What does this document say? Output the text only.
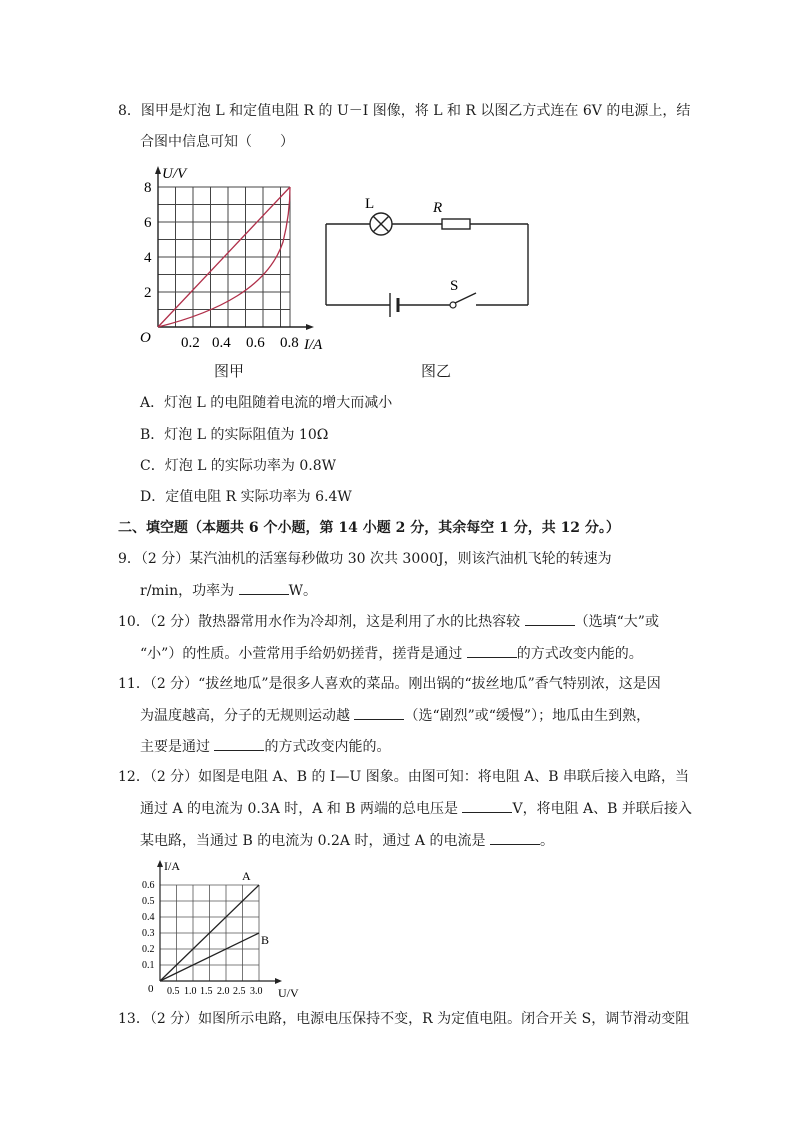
8．图甲是灯泡 L 和定值电阻 R 的 U－I 图像，将 L 和 R 以图乙方式连在 6V 的电源上，结
合图中信息可知（　　）
U/V
I/A
O
8
6
4
2
0.2 0.4 0.6 0.8
图甲
L	R
S
图乙
A．灯泡 L 的电阻随着电流的增大而减小
B．灯泡 L 的实际阻值为 10Ω
C．灯泡 L 的实际功率为 0.8W
D．定值电阻 R 实际功率为 6.4W
二、填空题（本题共 6 个小题，第 14 小题 2 分，其余每空 1 分，共 12 分。）
9．（2 分）某汽油机的活塞每秒做功 30 次共 3000J，则该汽油机飞轮的转速为
r/min，功率为	W。
10．（2 分）散热器常用水作为冷却剂，这是利用了水的比热容较	（选填“大”或
“小”）的性质。小萱常用手给奶奶搓背，搓背是通过	的方式改变内能的。
11．（2 分）“拔丝地瓜”是很多人喜欢的菜品。刚出锅的“拔丝地瓜”香气特别浓，这是因
为温度越高，分子的无规则运动越	（选“剧烈”或“缓慢”）；地瓜由生到熟，
主要是通过	的方式改变内能的。
12．（2 分）如图是电阻 A、B 的 I—U 图象。由图可知：将电阻 A、B 串联后接入电路，当
通过 A 的电流为 0.3A 时，A 和 B 两端的总电压是	V，将电阻 A、B 并联后接入
某电路，当通过 B 的电流为 0.2A 时，通过 A 的电流是	。
I/A
U/V
0
0.6
0.5
0.4
0.3
0.2
0.1
0.5 1.0 1.5 2.0 2.5 3.0
A
B
13．（2 分）如图所示电路，电源电压保持不变，R 为定值电阻。闭合开关 S，调节滑动变阻
